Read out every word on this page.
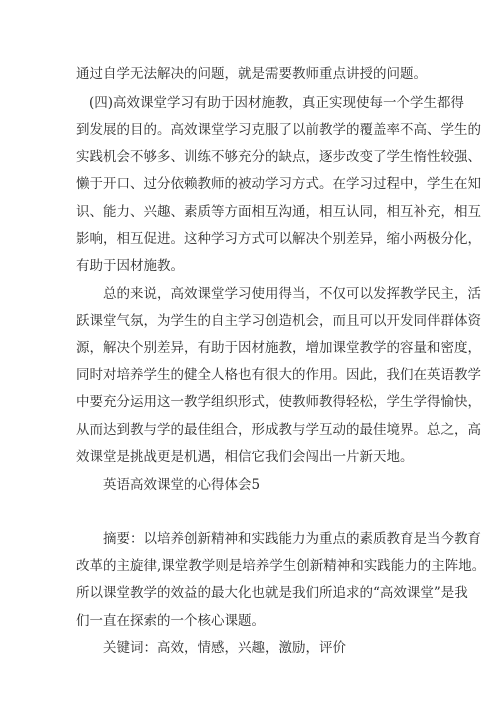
通过自学无法解决的问题，就是需要教师重点讲授的问题。

(四)高效课堂学习有助于因材施教，真正实现使每一个学生都得

到发展的目的。高效课堂学习克服了以前教学的覆盖率不高、学生的

实践机会不够多、训练不够充分的缺点，逐步改变了学生惰性较强、

懒于开口、过分依赖教师的被动学习方式。在学习过程中，学生在知

识、能力、兴趣、素质等方面相互沟通，相互认同，相互补充，相互

影响，相互促进。这种学习方式可以解决个别差异，缩小两极分化，

有助于因材施教。

总的来说，高效课堂学习使用得当，不仅可以发挥教学民主，活

跃课堂气氛，为学生的自主学习创造机会，而且可以开发同伴群体资

源，解决个别差异，有助于因材施教，增加课堂教学的容量和密度，

同时对培养学生的健全人格也有很大的作用。因此，我们在英语教学

中要充分运用这一教学组织形式，使教师教得轻松，学生学得愉快，

从而达到教与学的最佳组合，形成教与学互动的最佳境界。总之，高

效课堂是挑战更是机遇，相信它我们会闯出一片新天地。

英语高效课堂的心得体会5

摘要：以培养创新精神和实践能力为重点的素质教育是当今教育

改革的主旋律,课堂教学则是培养学生创新精神和实践能力的主阵地。

所以课堂教学的效益的最大化也就是我们所追求的“高效课堂”是我

们一直在探索的一个核心课题。

关键词：高效，情感，兴趣，激励，评价
